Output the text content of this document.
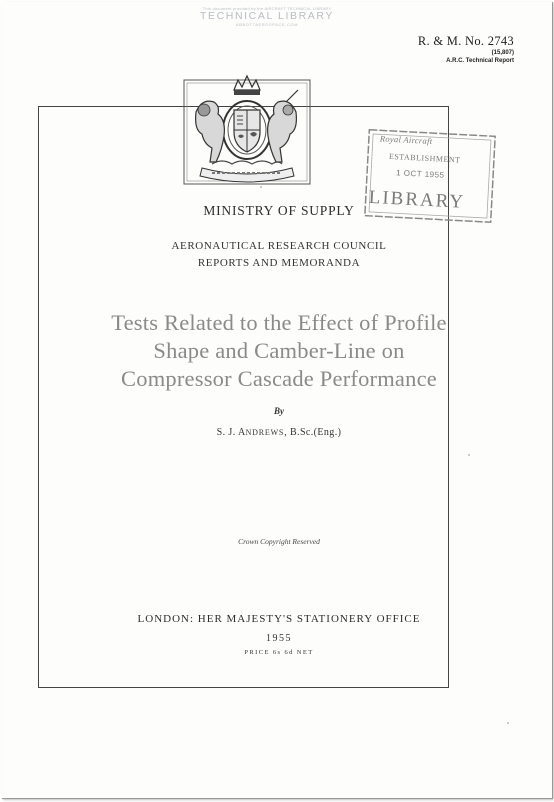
This document provided by the AIRCRAFT TECHNICAL LIBRARY
TECHNICAL LIBRARY
ABBOTTAEROSPACE.COM
R. & M. No. 2743
(15,807)
A.R.C. Technical Report
Royal Aircraft
ESTABLISHMENT
1 OCT 1955
LIBRARY
MINISTRY OF SUPPLY
AERONAUTICAL RESEARCH COUNCIL
REPORTS AND MEMORANDA
Tests Related to the Effect of Profile
Shape and Camber-Line on
Compressor Cascade Performance
By
S. J. ANDREWS, B.Sc.(Eng.)
Crown Copyright Reserved
LONDON: HER MAJESTY'S STATIONERY OFFICE
1955
PRICE 6s 6d NET
